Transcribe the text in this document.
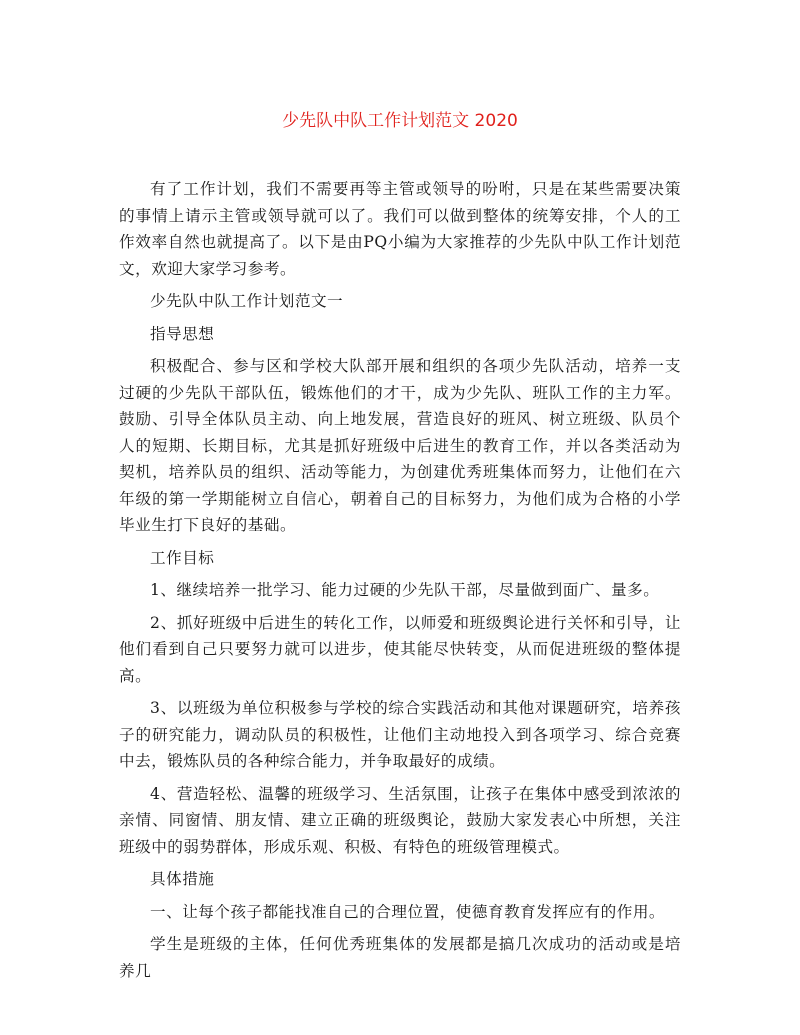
少先队中队工作计划范文 2020

有了工作计划，我们不需要再等主管或领导的吩咐，只是在某些需要决策的事情上请示主管或领导就可以了。我们可以做到整体的统筹安排，个人的工作效率自然也就提高了。以下是由PQ小编为大家推荐的少先队中队工作计划范文，欢迎大家学习参考。

少先队中队工作计划范文一

指导思想

积极配合、参与区和学校大队部开展和组织的各项少先队活动，培养一支过硬的少先队干部队伍，锻炼他们的才干，成为少先队、班队工作的主力军。鼓励、引导全体队员主动、向上地发展，营造良好的班风、树立班级、队员个人的短期、长期目标，尤其是抓好班级中后进生的教育工作，并以各类活动为契机，培养队员的组织、活动等能力，为创建优秀班集体而努力，让他们在六年级的第一学期能树立自信心，朝着自己的目标努力，为他们成为合格的小学毕业生打下良好的基础。

工作目标

1、继续培养一批学习、能力过硬的少先队干部，尽量做到面广、量多。

2、抓好班级中后进生的转化工作，以师爱和班级舆论进行关怀和引导，让他们看到自己只要努力就可以进步，使其能尽快转变，从而促进班级的整体提高。

3、以班级为单位积极参与学校的综合实践活动和其他对课题研究，培养孩子的研究能力，调动队员的积极性，让他们主动地投入到各项学习、综合竞赛中去，锻炼队员的各种综合能力，并争取最好的成绩。

4、营造轻松、温馨的班级学习、生活氛围，让孩子在集体中感受到浓浓的亲情、同窗情、朋友情、建立正确的班级舆论，鼓励大家发表心中所想，关注班级中的弱势群体，形成乐观、积极、有特色的班级管理模式。

具体措施

一、让每个孩子都能找准自己的合理位置，使德育教育发挥应有的作用。

学生是班级的主体，任何优秀班集体的发展都是搞几次成功的活动或是培养几
